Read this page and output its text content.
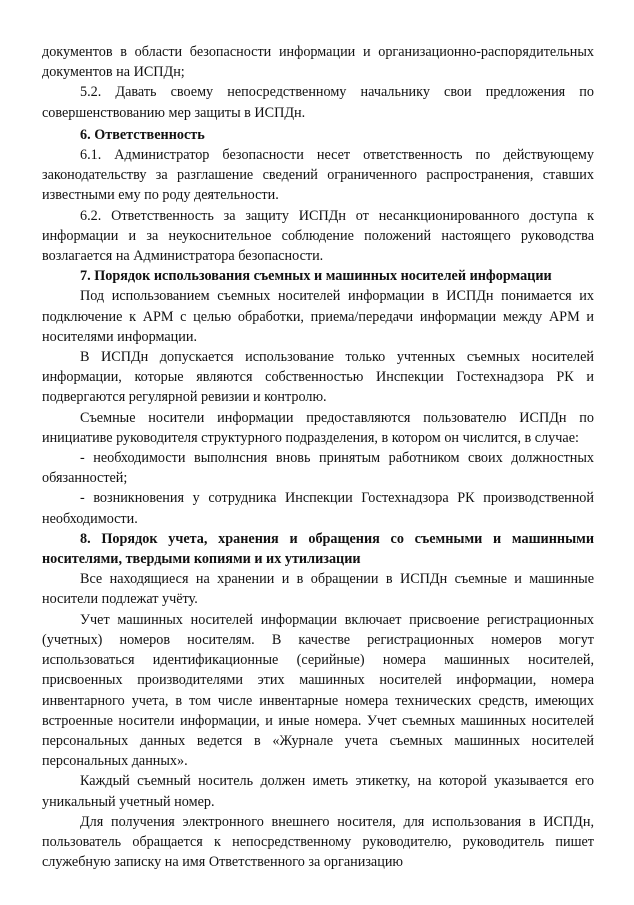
документов в области безопасности информации и организационно-распорядительных документов на ИСПДн;

5.2. Давать своему непосредственному начальнику свои предложения по совершенствованию мер защиты в ИСПДн.

6. Ответственность

6.1. Администратор безопасности несет ответственность по действующему законодательству за разглашение сведений ограниченного распространения, ставших известными ему по роду деятельности.

6.2. Ответственность за защиту ИСПДн от несанкционированного доступа к информации и за неукоснительное соблюдение положений настоящего руководства возлагается на Администратора безопасности.

7. Порядок использования съемных и машинных носителей информации

Под использованием съемных носителей информации в ИСПДн понимается их подключение к АРМ с целью обработки, приема/передачи информации между АРМ и носителями информации.

В ИСПДн допускается использование только учтенных съемных носителей информации, которые являются собственностью Инспекции Гостехнадзора РК и подвергаются регулярной ревизии и контролю.

Съемные носители информации предоставляются пользователю ИСПДн по инициативе руководителя структурного подразделения, в котором он числится, в случае:

- необходимости выполнсния вновь принятым работником своих должностных обязанностей;

- возникновения у сотрудника Инспекции Гостехнадзора РК производственной необходимости.

8. Порядок учета, хранения и обращения со съемными и машинными носителями, твердыми копиями и их утилизации

Все находящиеся на хранении и в обращении в ИСПДн съемные и машинные носители подлежат учёту.

Учет машинных носителей информации включает присвоение регистрационных (учетных) номеров носителям. В качестве регистрационных номеров могут использоваться идентификационные (серийные) номера машинных носителей, присвоенных производителями этих машинных носителей информации, номера инвентарного учета, в том числе инвентарные номера технических средств, имеющих встроенные носители информации, и иные номера. Учет съемных машинных носителей персональных данных ведется в «Журнале учета съемных машинных носителей персональных данных».

Каждый съемный носитель должен иметь этикетку, на которой указывается его уникальный учетный номер.

Для получения электронного внешнего носителя, для использования в ИСПДн, пользователь обращается к непосредственному руководителю, руководитель пишет служебную записку на имя Ответственного за организацию
